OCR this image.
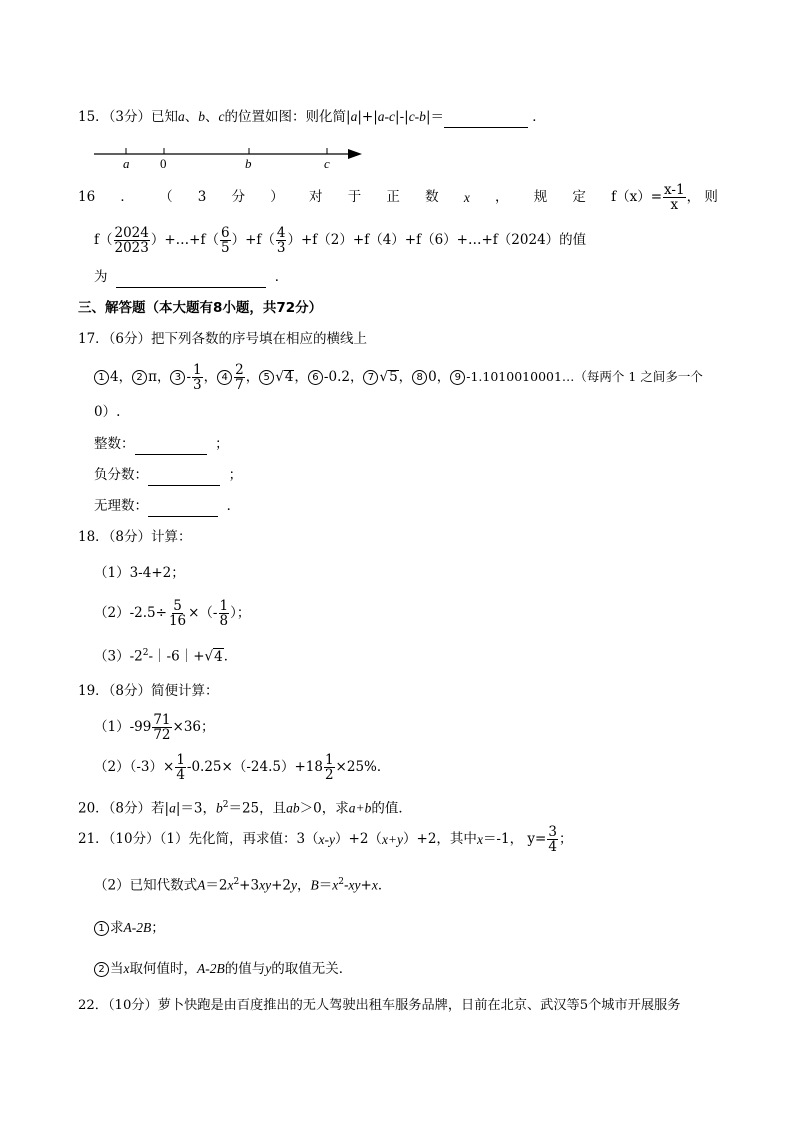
15．（3分）已知a、b、c的位置如图：则化简|a|+|a-c|-|c-b|＝	．
a 0	b	c
16 ． （ 3 分 ） 对 于 正 数 x ， 规 定 $f(x)= \frac{x-1}{x}$ ， 则
$f( \frac{2024}{2023}$ ）+…+f（ $\frac{6}{5} )+f( \frac{4}{3}$ ）+f（2）+f（4）+f（6）+…+f（2024）的值
为	．
三、解答题（本大题有8小题，共72分）
17．（6分）把下列各数的序号填在相应的横线上
1 4， 2 π， $3 - \frac{1}{3}$ ， $4 \frac{2}{7}$ ， 5 √ 4 ， 6 -0.2， 7 √ 5 ， 8 0， 9 -1.1010010001…（每两个 1 之间多一个
0）.
整数：	；
负分数：	；
无理数：	．
18．（8分）计算：
（1）3-4+2；
$(2)-2.5\div \frac{5}{16}$ ×（- $\frac{1}{8}$ ）；
$(3)-2^2-|-6|+√4$．
19．（8分）简便计算：
$(1)-99 \frac{71}{72} \times 36$；
$(2)(-3)\times \frac{1}{4} -0.25\times(-24.5)+18 \frac{1}{2} \times 25\%$．
20．（8分）若|a|＝3，$b^2=25$，且ab＞0，求a+b的值．
21．（10分）（1）先化简，再求值：3（ x-y ）+2（ x+y ）+2，其中 x ＝-1，
$y= \frac{3}{4}$ ；
（2）已知代数式$A=2x^2+3xy+2y$，$B=x^2-xy+x$．
1 求A-2B；
2 当x取何值时，A-2B的值与y的取值无关．
22．（10分）萝卜快跑是由百度推出的无人驾驶出租车服务品牌，日前在北京、武汉等5个城市开展服务
